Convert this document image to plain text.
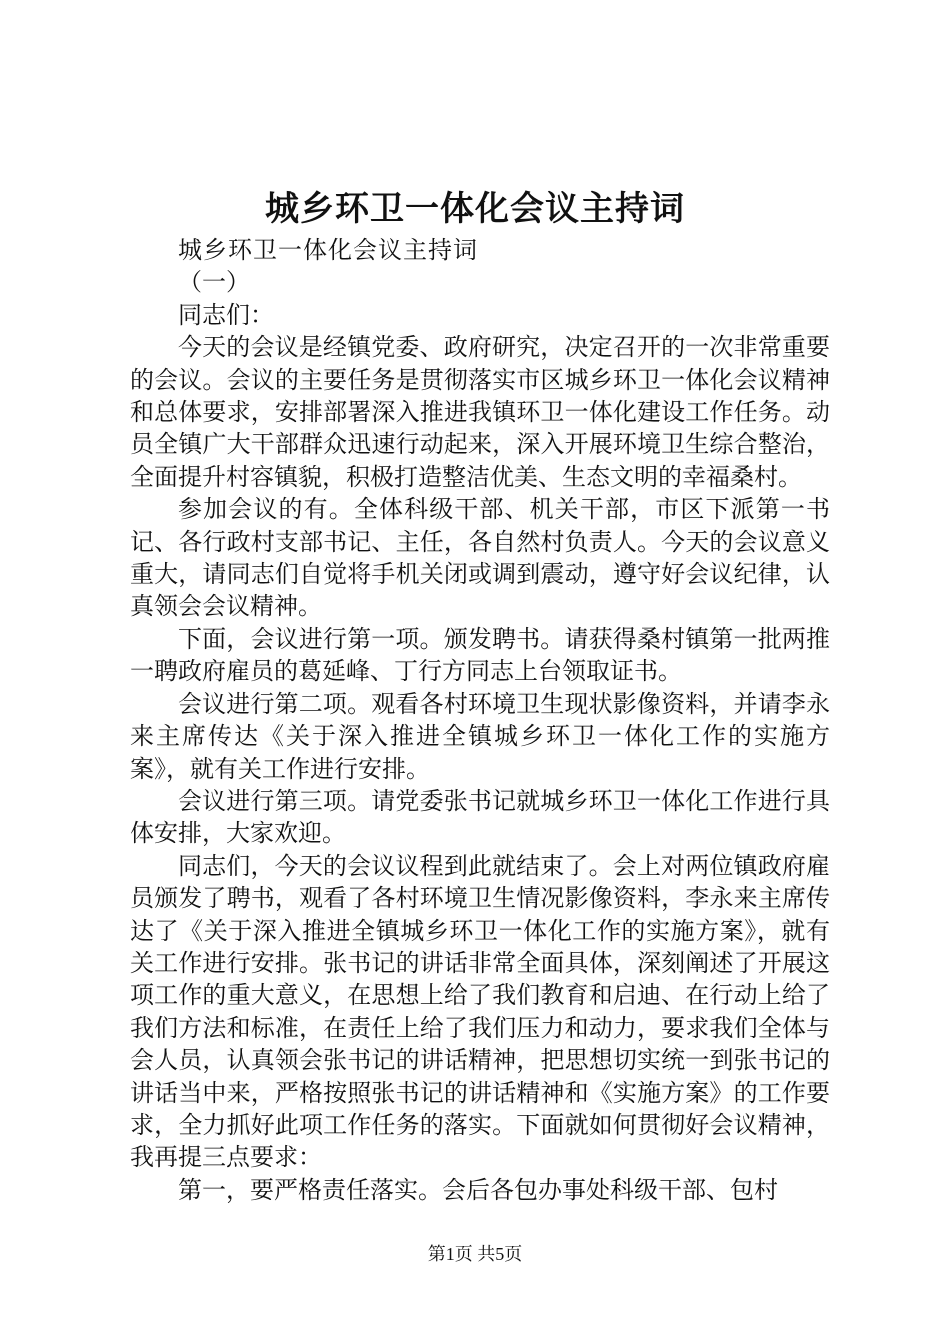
城乡环卫一体化会议主持词

城乡环卫一体化会议主持词

（一）

同志们：

今天的会议是经镇党委、政府研究，决定召开的一次非常重要的会议。会议的主要任务是贯彻落实市区城乡环卫一体化会议精神和总体要求，安排部署深入推进我镇环卫一体化建设工作任务。动员全镇广大干部群众迅速行动起来，深入开展环境卫生综合整治，全面提升村容镇貌，积极打造整洁优美、生态文明的幸福桑村。

参加会议的有。全体科级干部、机关干部，市区下派第一书记、各行政村支部书记、主任，各自然村负责人。今天的会议意义重大，请同志们自觉将手机关闭或调到震动，遵守好会议纪律，认真领会会议精神。

下面，会议进行第一项。颁发聘书。请获得桑村镇第一批两推一聘政府雇员的葛延峰、丁行方同志上台领取证书。

会议进行第二项。观看各村环境卫生现状影像资料，并请李永来主席传达《关于深入推进全镇城乡环卫一体化工作的实施方案》，就有关工作进行安排。

会议进行第三项。请党委张书记就城乡环卫一体化工作进行具体安排，大家欢迎。

同志们，今天的会议议程到此就结束了。会上对两位镇政府雇员颁发了聘书，观看了各村环境卫生情况影像资料，李永来主席传达了《关于深入推进全镇城乡环卫一体化工作的实施方案》，就有关工作进行安排。张书记的讲话非常全面具体，深刻阐述了开展这项工作的重大意义，在思想上给了我们教育和启迪、在行动上给了我们方法和标准，在责任上给了我们压力和动力，要求我们全体与会人员，认真领会张书记的讲话精神，把思想切实统一到张书记的讲话当中来，严格按照张书记的讲话精神和《实施方案》的工作要求，全力抓好此项工作任务的落实。下面就如何贯彻好会议精神，我再提三点要求：

第一，要严格责任落实。会后各包办事处科级干部、包村

第1页 共5页
